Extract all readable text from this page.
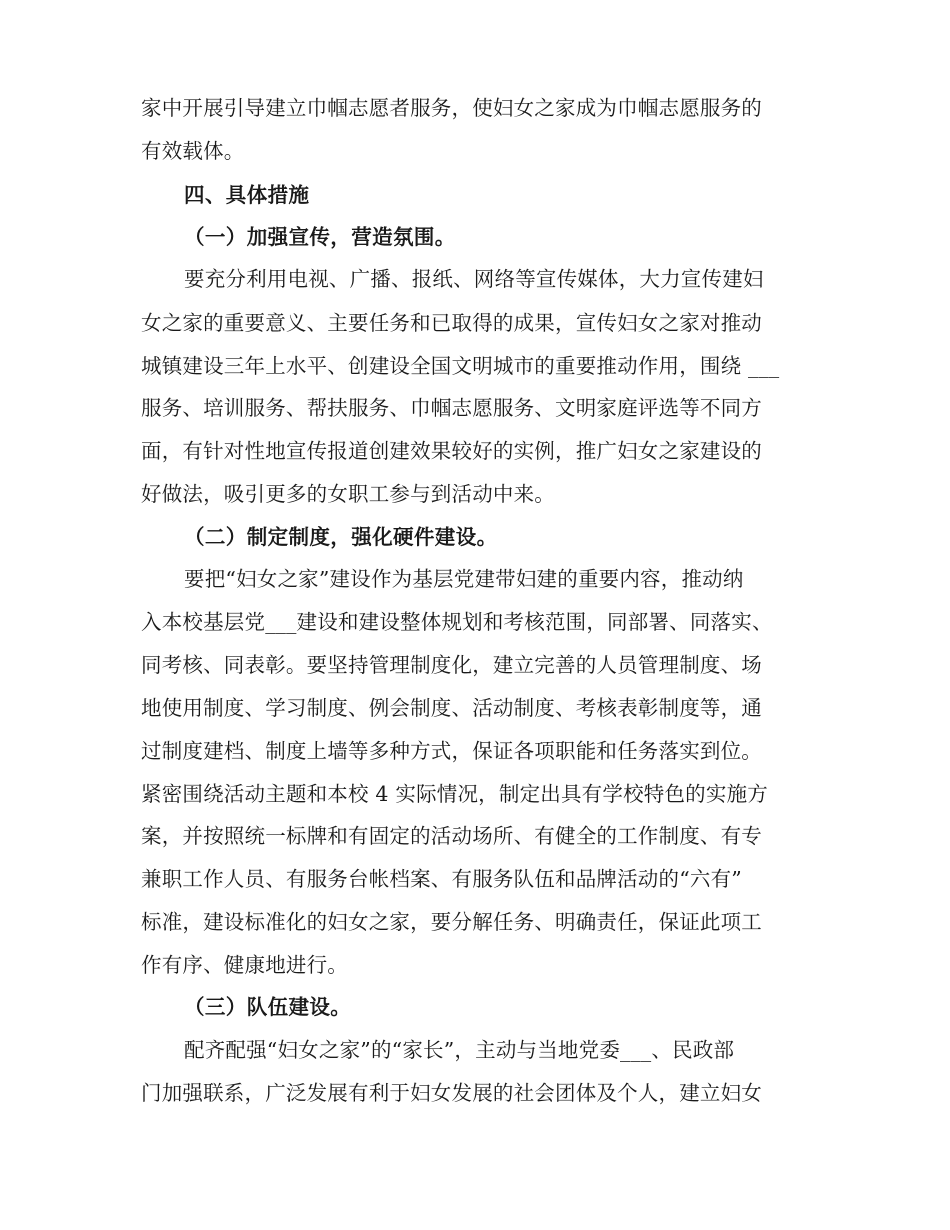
家中开展引导建立巾帼志愿者服务，使妇女之家成为巾帼志愿服务的
有效载体。
四、具体措施
（一）加强宣传，营造氛围。
要充分利用电视、广播、报纸、网络等宣传媒体，大力宣传建妇
女之家的重要意义、主要任务和已取得的成果，宣传妇女之家对推动
城镇建设三年上水平、创建设全国文明城市的重要推动作用，围绕 ___
服务、培训服务、帮扶服务、巾帼志愿服务、文明家庭评选等不同方
面，有针对性地宣传报道创建效果较好的实例，推广妇女之家建设的
好做法，吸引更多的女职工参与到活动中来。
（二）制定制度，强化硬件建设。
要把“妇女之家”建设作为基层党建带妇建的重要内容，推动纳
入本校基层党___建设和建设整体规划和考核范围，同部署、同落实、
同考核、同表彰。要坚持管理制度化，建立完善的人员管理制度、场
地使用制度、学习制度、例会制度、活动制度、考核表彰制度等，通
过制度建档、制度上墙等多种方式，保证各项职能和任务落实到位。
紧密围绕活动主题和本校 4 实际情况，制定出具有学校特色的实施方
案，并按照统一标牌和有固定的活动场所、有健全的工作制度、有专
兼职工作人员、有服务台帐档案、有服务队伍和品牌活动的“六有”
标准，建设标准化的妇女之家，要分解任务、明确责任，保证此项工
作有序、健康地进行。
（三）队伍建设。
配齐配强“妇女之家”的“家长”，主动与当地党委___、民政部
门加强联系，广泛发展有利于妇女发展的社会团体及个人，建立妇女
